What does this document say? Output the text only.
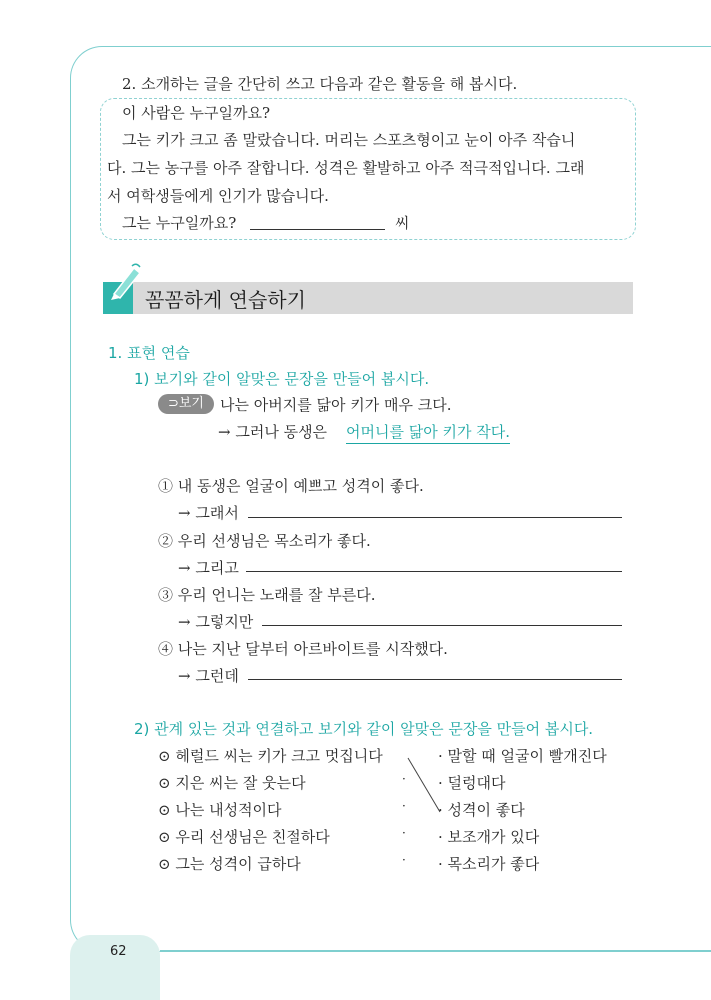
2. 소개하는 글을 간단히 쓰고 다음과 같은 활동을 해 봅시다.
이 사람은 누구일까요?
그는 키가 크고 좀 말랐습니다. 머리는 스포츠형이고 눈이 아주 작습니
다. 그는 농구를 아주 잘합니다. 성격은 활발하고 아주 적극적입니다. 그래
서 여학생들에게 인기가 많습니다.
그는 누구일까요?	씨
꼼꼼하게 연습하기
1. 표현 연습
1) 보기와 같이 알맞은 문장을 만들어 봅시다.
⊃보기	나는 아버지를 닮아 키가 매우 크다.
→ 그러나 동생은 어머니를 닮아 키가 작다.
① 내 동생은 얼굴이 예쁘고 성격이 좋다.
→ 그래서
② 우리 선생님은 목소리가 좋다.
→ 그리고
③ 우리 언니는 노래를 잘 부른다.
→ 그렇지만
④ 나는 지난 달부터 아르바이트를 시작했다.
→ 그런데
2) 관계 있는 것과 연결하고 보기와 같이 알맞은 문장을 만들어 봅시다.
⊙ 헤럴드 씨는 키가 크고 멋집니다
⊙ 지은 씨는 잘 웃는다
⊙ 나는 내성적이다
⊙ 우리 선생님은 친절하다
⊙ 그는 성격이 급하다
·
·
·
·
· 말할 때 얼굴이 빨개진다
· 덜렁대다
· 성격이 좋다
· 보조개가 있다
· 목소리가 좋다
62
